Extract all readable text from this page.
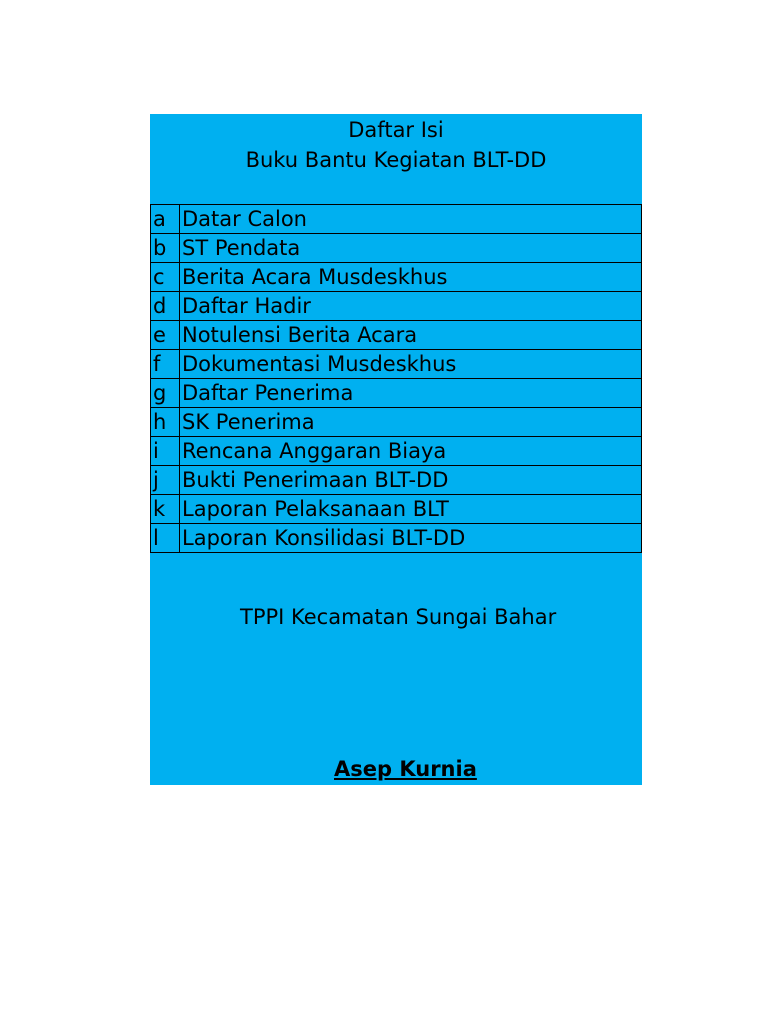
Daftar Isi
Buku Bantu Kegiatan BLT-DD
a	Datar Calon
b	ST Pendata
c	Berita Acara Musdeskhus
d	Daftar Hadir
e	Notulensi Berita Acara
f	Dokumentasi Musdeskhus
g	Daftar Penerima
h	SK Penerima
i	Rencana Anggaran Biaya
j	Bukti Penerimaan BLT-DD
k	Laporan Pelaksanaan BLT
l	Laporan Konsilidasi BLT-DD
TPPI Kecamatan Sungai Bahar
Asep Kurnia
